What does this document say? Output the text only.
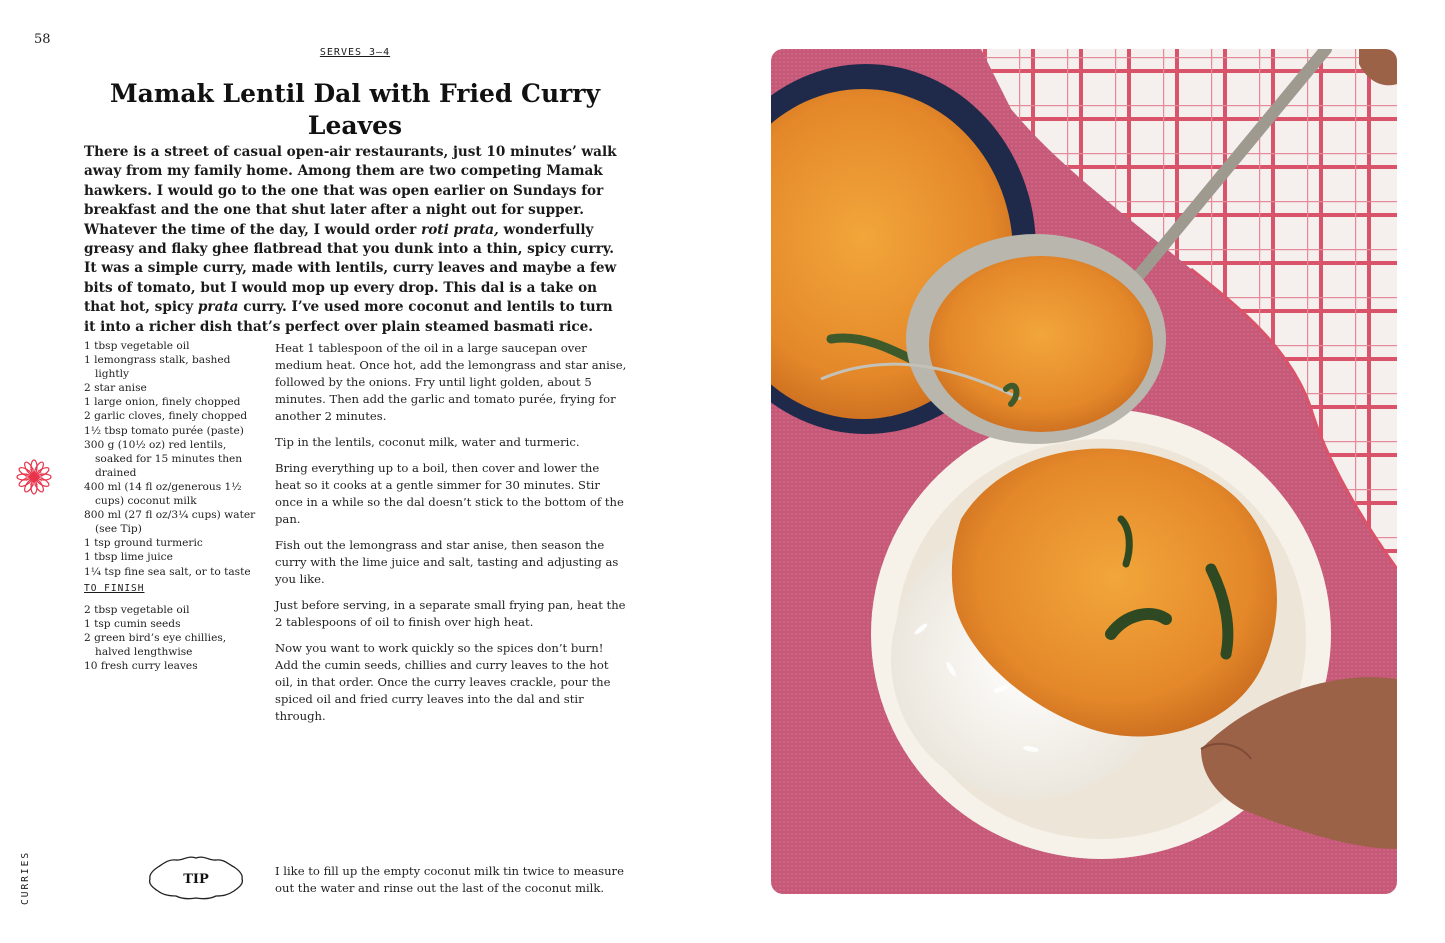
58
SERVES 3–4
Mamak Lentil Dal with Fried Curry Leaves

There is a street of casual open-air restaurants, just 10 minutes’ walk away from my family home. Among them are two competing Mamak hawkers. I would go to the one that was open earlier on Sundays for breakfast and the one that shut later after a night out for supper. Whatever the time of the day, I would order roti prata, wonderfully greasy and flaky ghee flatbread that you dunk into a thin, spicy curry. It was a simple curry, made with lentils, curry leaves and maybe a few bits of tomato, but I would mop up every drop. This dal is a take on that hot, spicy prata curry. I’ve used more coconut and lentils to turn it into a richer dish that’s perfect over plain steamed basmati rice.

1 tbsp vegetable oil
1 lemongrass stalk, bashed lightly
2 star anise
1 large onion, finely chopped
2 garlic cloves, finely chopped
1½ tbsp tomato purée (paste)
300 g (10½ oz) red lentils, soaked for 15 minutes then drained
400 ml (14 fl oz/generous 1½ cups) coconut milk
800 ml (27 fl oz/3¼ cups) water (see Tip)
1 tsp ground turmeric
1 tbsp lime juice
1¼ tsp fine sea salt, or to taste
TO FINISH
2 tbsp vegetable oil
1 tsp cumin seeds
2 green bird’s eye chillies, halved lengthwise
10 fresh curry leaves

Heat 1 tablespoon of the oil in a large saucepan over medium heat. Once hot, add the lemongrass and star anise, followed by the onions. Fry until light golden, about 5 minutes. Then add the garlic and tomato purée, frying for another 2 minutes.

Tip in the lentils, coconut milk, water and turmeric.

Bring everything up to a boil, then cover and lower the heat so it cooks at a gentle simmer for 30 minutes. Stir once in a while so the dal doesn’t stick to the bottom of the pan.

Fish out the lemongrass and star anise, then season the curry with the lime juice and salt, tasting and adjusting as you like.

Just before serving, in a separate small frying pan, heat the 2 tablespoons of oil to finish over high heat.

Now you want to work quickly so the spices don’t burn! Add the cumin seeds, chillies and curry leaves to the hot oil, in that order. Once the curry leaves crackle, pour the spiced oil and fried curry leaves into the dal and stir through.

TIP

I like to fill up the empty coconut milk tin twice to measure out the water and rinse out the last of the coconut milk.

CURRIES
